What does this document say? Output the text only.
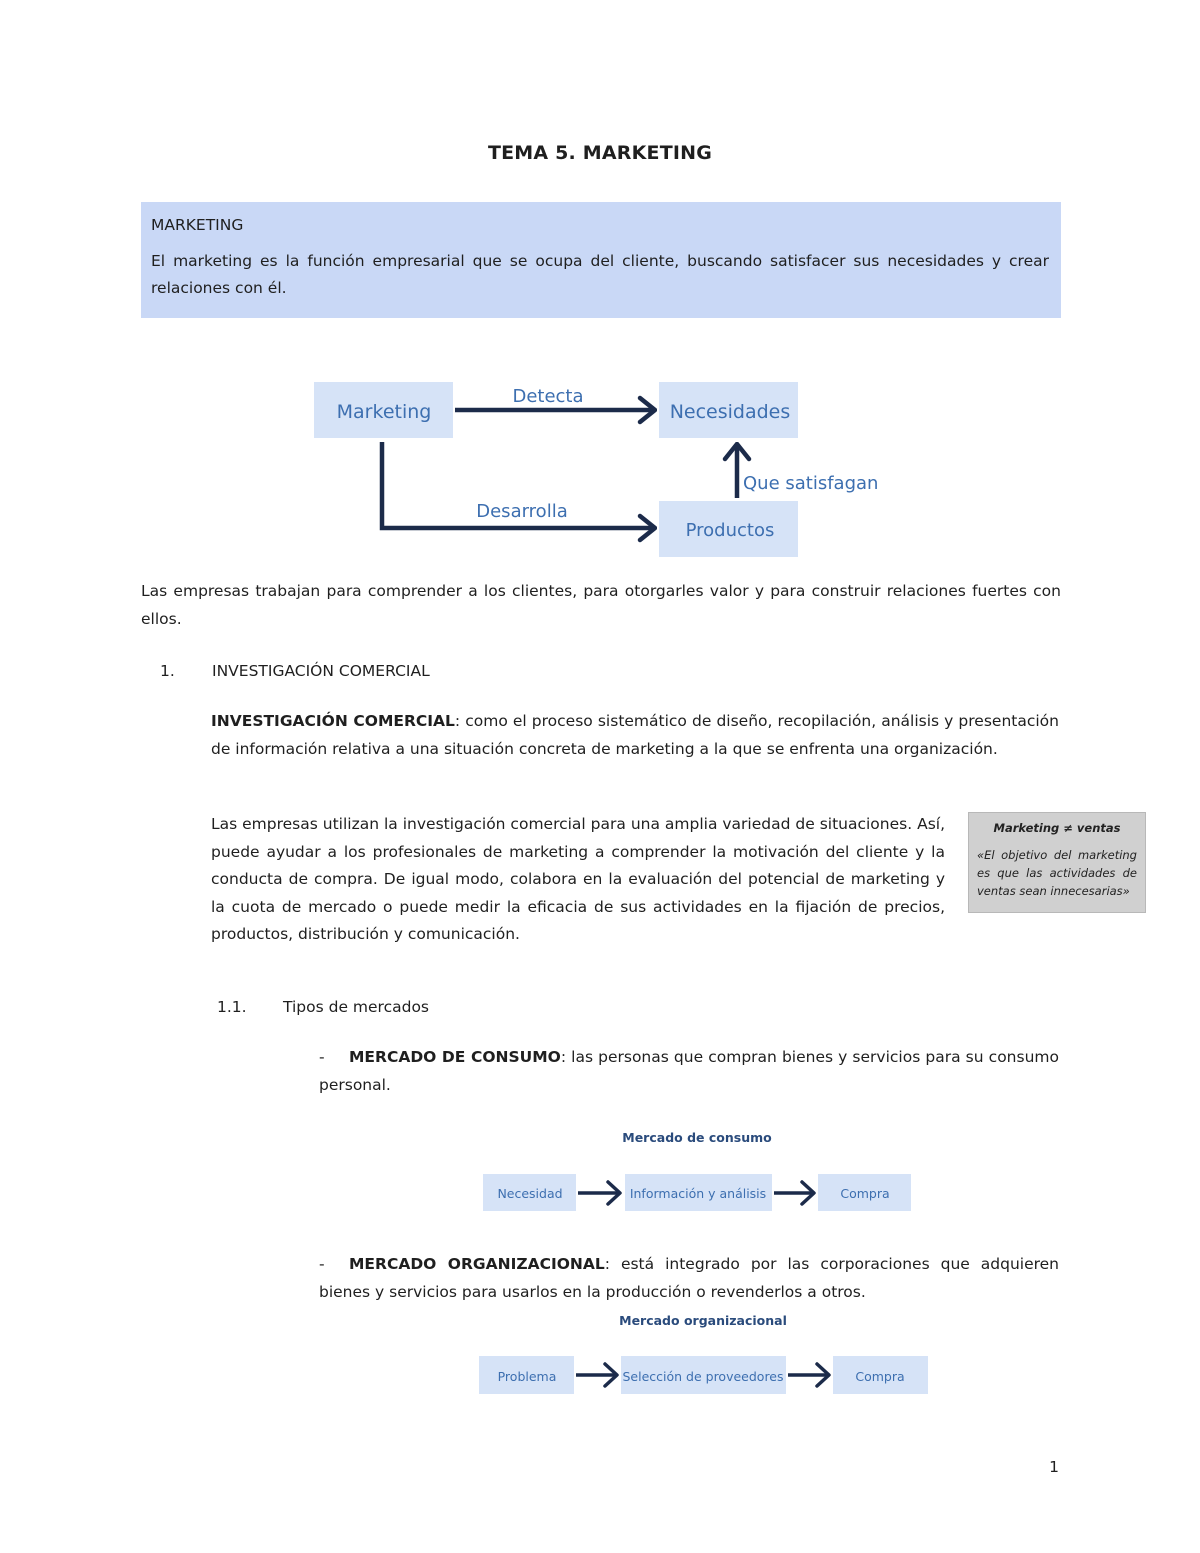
TEMA 5. MARKETING
MARKETING
El marketing es la función empresarial que se ocupa del cliente, buscando satisfacer sus necesidades y crear relaciones con él.
Marketing	Necesidades
Productos
Detecta
Desarrolla
Que satisfagan
Las empresas trabajan para comprender a los clientes, para otorgarles valor y para construir relaciones fuertes con ellos.
1. INVESTIGACIÓN COMERCIAL
INVESTIGACIÓN COMERCIAL: como el proceso sistemático de diseño, recopilación, análisis y presentación de información relativa a una situación concreta de marketing a la que se enfrenta una organización.
Las empresas utilizan la investigación comercial para una amplia variedad de situaciones. Así, puede ayudar a los profesionales de marketing a comprender la motivación del cliente y la conducta de compra. De igual modo, colabora en la evaluación del potencial de marketing y la cuota de mercado o puede medir la eficacia de sus actividades en la fijación de precios, productos, distribución y comunicación.
Marketing ≠ ventas
«El objetivo del marketing es que las actividades de ventas sean innecesarias»
1.1. Tipos de mercados
- MERCADO DE CONSUMO: las personas que compran bienes y servicios para su consumo personal.
Mercado de consumo
Necesidad	Información y análisis	Compra
- MERCADO ORGANIZACIONAL: está integrado por las corporaciones que adquieren bienes y servicios para usarlos en la producción o revenderlos a otros.
Mercado organizacional
Problema	Selección de proveedores	Compra
1
